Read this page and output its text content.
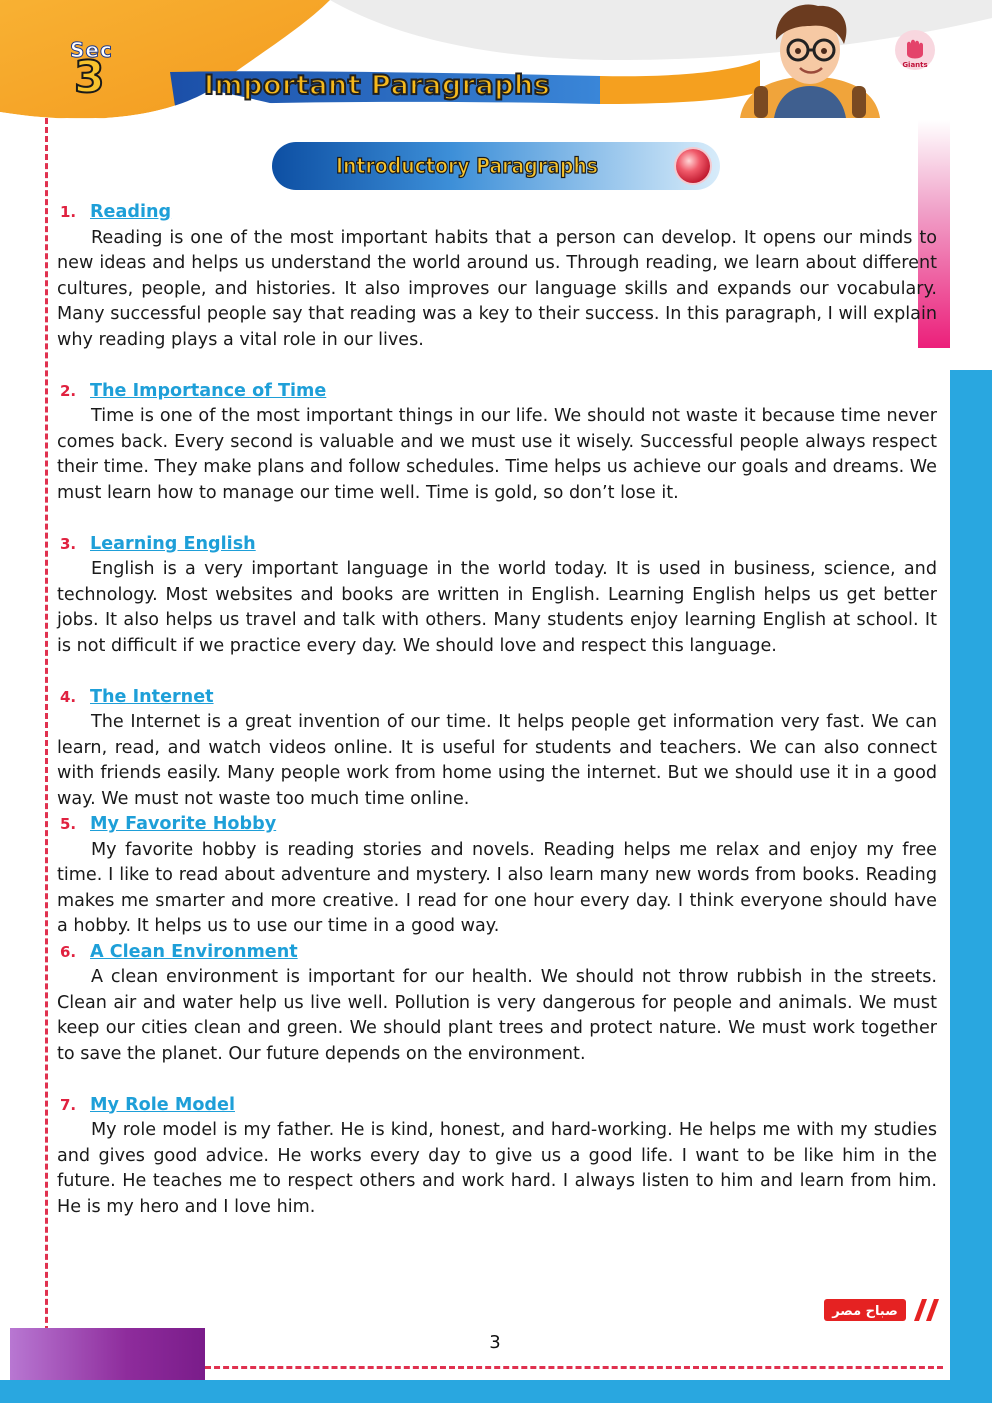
Sec
3	Important Paragraphs
Giants
Introductory Paragraphs
1. Reading

Reading is one of the most important habits that a person can develop. It opens our minds to new ideas and helps us understand the world around us. Through reading, we learn about different cultures, people, and histories. It also improves our language skills and expands our vocabulary. Many successful people say that reading was a key to their success. In this paragraph, I will explain why reading plays a vital role in our lives.

2. The Importance of Time

Time is one of the most important things in our life. We should not waste it because time never comes back. Every second is valuable and we must use it wisely. Successful people always respect their time. They make plans and follow schedules. Time helps us achieve our goals and dreams. We must learn how to manage our time well. Time is gold, so don’t lose it.

3. Learning English

English is a very important language in the world today. It is used in business, science, and technology. Most websites and books are written in English. Learning English helps us get better jobs. It also helps us travel and talk with others. Many students enjoy learning English at school. It is not difficult if we practice every day. We should love and respect this language.

4. The Internet

The Internet is a great invention of our time. It helps people get information very fast. We can learn, read, and watch videos online. It is useful for students and teachers. We can also connect with friends easily. Many people work from home using the internet. But we should use it in a good way. We must not waste too much time online.

5. My Favorite Hobby

My favorite hobby is reading stories and novels. Reading helps me relax and enjoy my free time. I like to read about adventure and mystery. I also learn many new words from books. Reading makes me smarter and more creative. I read for one hour every day. I think everyone should have a hobby. It helps us to use our time in a good way.

6. A Clean Environment

A clean environment is important for our health. We should not throw rubbish in the streets. Clean air and water help us live well. Pollution is very dangerous for people and animals. We must keep our cities clean and green. We should plant trees and protect nature. We must work together to save the planet. Our future depends on the environment.

7. My Role Model

My role model is my father. He is kind, honest, and hard-working. He helps me with my studies and gives good advice. He works every day to give us a good life. I want to be like him in the future. He teaches me to respect others and work hard. I always listen to him and learn from him. He is my hero and I love him.

صباح مصر
3
